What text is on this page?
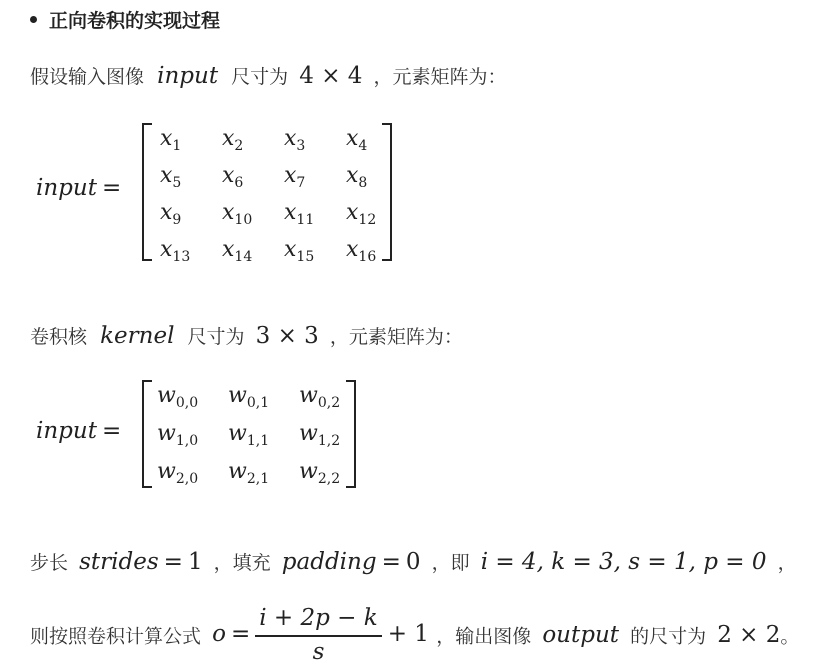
正向卷积的实现过程
假设输入图像 input 尺寸为 4 × 4 ，元素矩阵为：
input =
$x_1$ $x_2$ $x_3$ $x_4$
$x_5$ $x_6$ $x_7$ $x_8$
$x_9$ $x_{10}$ $x_{11}$ $x_{12}$
$x_{13}$ $x_{14}$ $x_{15}$ $x_{16}$
卷积核 kernel 尺寸为 3 × 3 ，元素矩阵为：
input =
$w_{0,0}$ $w_{0,1}$ $w_{0,2}$
$w_{1,0}$ $w_{1,1}$ $w_{1,2}$
$w_{2,0}$ $w_{2,1}$ $w_{2,2}$
步长 strides = 1 ，填充 padding = 0 ，即 i = 4, k = 3, s = 1, p = 0 ，
则按照卷积计算公式 $o = \frac{i + 2p - k}{s} + 1$ ，输出图像 output 的尺寸为 2 × 2。
